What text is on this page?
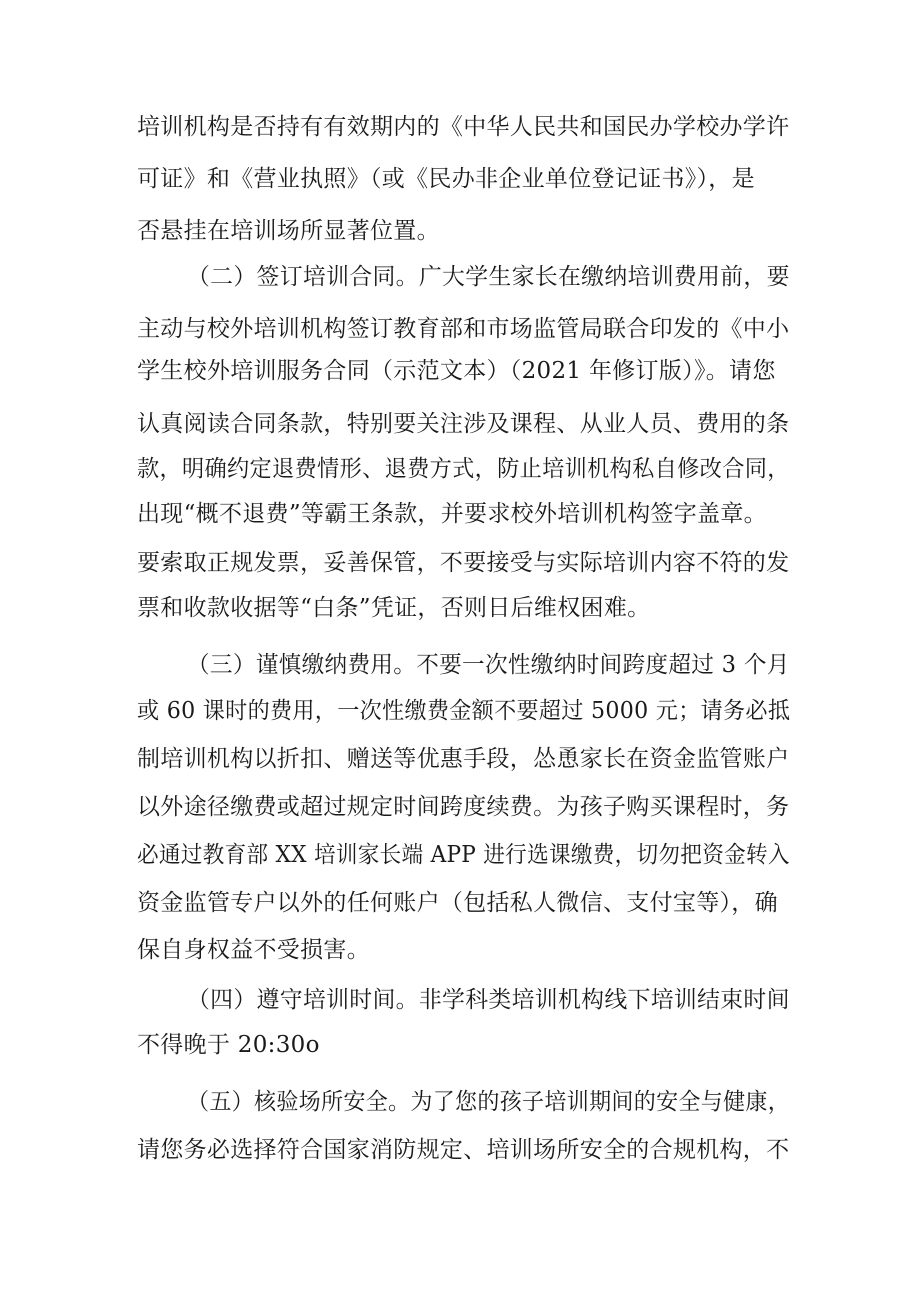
培训机构是否持有有效期内的《中华人民共和国民办学校办学许
可证》和《营业执照》（或《民办非企业单位登记证书》），是
否悬挂在培训场所显著位置。
（二）签订培训合同。广大学生家长在缴纳培训费用前，要
主动与校外培训机构签订教育部和市场监管局联合印发的《中小
学生校外培训服务合同（示范文本）（2021 年修订版）》。请您
认真阅读合同条款，特别要关注涉及课程、从业人员、费用的条
款，明确约定退费情形、退费方式，防止培训机构私自修改合同，
出现“概不退费”等霸王条款，并要求校外培训机构签字盖章。
要索取正规发票，妥善保管，不要接受与实际培训内容不符的发
票和收款收据等“白条”凭证，否则日后维权困难。
（三）谨慎缴纳费用。不要一次性缴纳时间跨度超过 3 个月
或 60 课时的费用，一次性缴费金额不要超过 5000 元；请务必抵
制培训机构以折扣、赠送等优惠手段，怂恿家长在资金监管账户
以外途径缴费或超过规定时间跨度续费。为孩子购买课程时，务
必通过教育部 XX 培训家长端 APP 进行选课缴费，切勿把资金转入
资金监管专户以外的任何账户（包括私人微信、支付宝等），确
保自身权益不受损害。
（四）遵守培训时间。非学科类培训机构线下培训结束时间
不得晚于 20:30o
（五）核验场所安全。为了您的孩子培训期间的安全与健康，
请您务必选择符合国家消防规定、培训场所安全的合规机构，不
